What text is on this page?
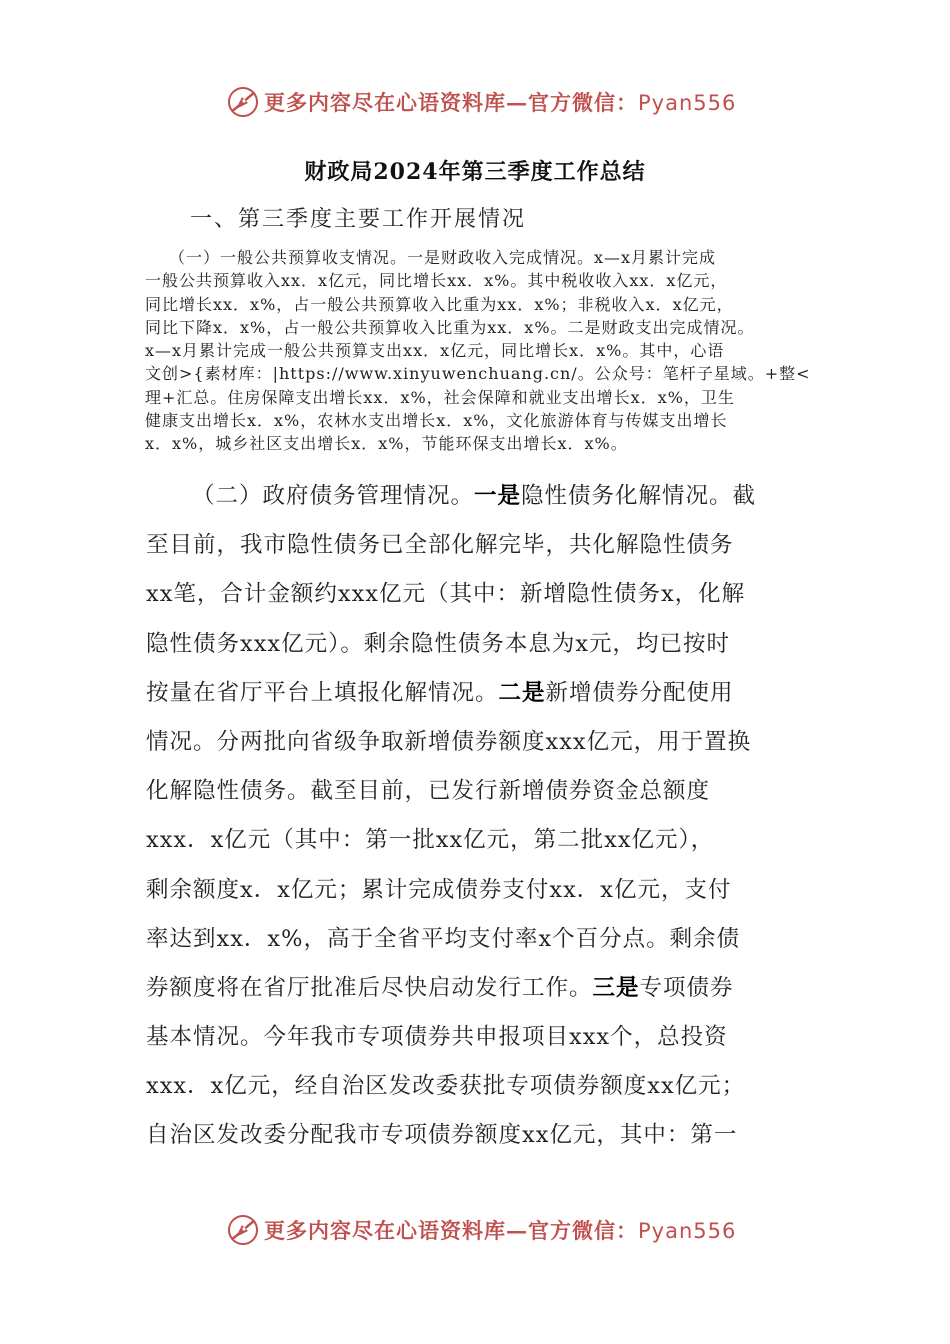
更多内容尽在心语资料库—官方微信：Pyan556
财政局2024年第三季度工作总结
一、第三季度主要工作开展情况
（一）一般公共预算收支情况。一是财政收入完成情况。x—x月累计完成
一般公共预算收入xx．x亿元，同比增长xx．x%。其中税收收入xx．x亿元，
同比增长xx．x%，占一般公共预算收入比重为xx．x%；非税收入x．x亿元，
同比下降x．x%，占一般公共预算收入比重为xx．x%。二是财政支出完成情况。
x—x月累计完成一般公共预算支出xx．x亿元，同比增长x．x%。其中，心语
文创>{素材库：|https://www.xinyuwenchuang.cn/。公众号：笔杆子星域。+整<
理+汇总。住房保障支出增长xx．x%，社会保障和就业支出增长x．x%，卫生
健康支出增长x．x%，农林水支出增长x．x%，文化旅游体育与传媒支出增长
x．x%，城乡社区支出增长x．x%，节能环保支出增长x．x%。
（二）政府债务管理情况。一是隐性债务化解情况。截
至目前，我市隐性债务已全部化解完毕，共化解隐性债务
xx笔，合计金额约xxx亿元（其中：新增隐性债务x，化解
隐性债务xxx亿元）。剩余隐性债务本息为x元，均已按时
按量在省厅平台上填报化解情况。二是新增债券分配使用
情况。分两批向省级争取新增债券额度xxx亿元，用于置换
化解隐性债务。截至目前，已发行新增债券资金总额度
xxx．x亿元（其中：第一批xx亿元，第二批xx亿元），
剩余额度x．x亿元；累计完成债券支付xx．x亿元，支付
率达到xx．x%，高于全省平均支付率x个百分点。剩余债
券额度将在省厅批准后尽快启动发行工作。三是专项债券
基本情况。今年我市专项债券共申报项目xxx个，总投资
xxx．x亿元，经自治区发改委获批专项债券额度xx亿元；
自治区发改委分配我市专项债券额度xx亿元，其中：第一
更多内容尽在心语资料库—官方微信：Pyan556
